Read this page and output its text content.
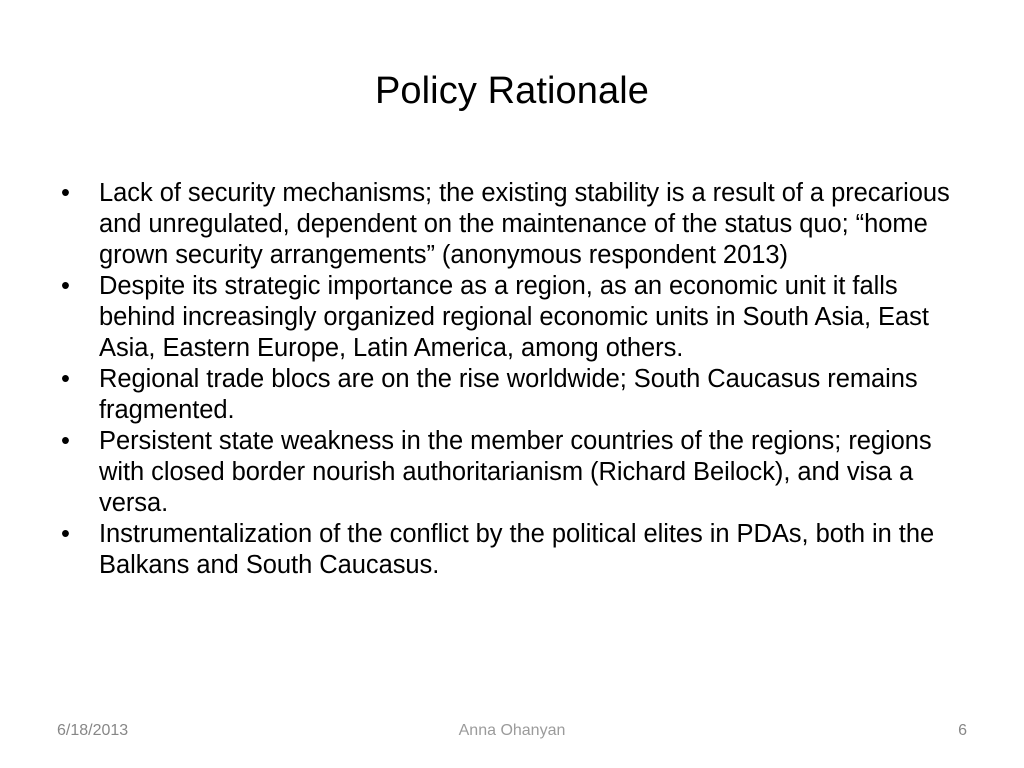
Policy Rationale
• Lack of security mechanisms; the existing stability is a result of a precarious and unregulated, dependent on the maintenance of the status quo; “home grown security arrangements” (anonymous respondent 2013)
• Despite its strategic importance as a region, as an economic unit it falls behind increasingly organized regional economic units in South Asia, East Asia, Eastern Europe, Latin America, among others.
• Regional trade blocs are on the rise worldwide; South Caucasus remains fragmented.
• Persistent state weakness in the member countries of the regions; regions with closed border nourish authoritarianism (Richard Beilock), and visa a versa.
• Instrumentalization of the conflict by the political elites in PDAs, both in the Balkans and South Caucasus.
6/18/2013	Anna Ohanyan	6
